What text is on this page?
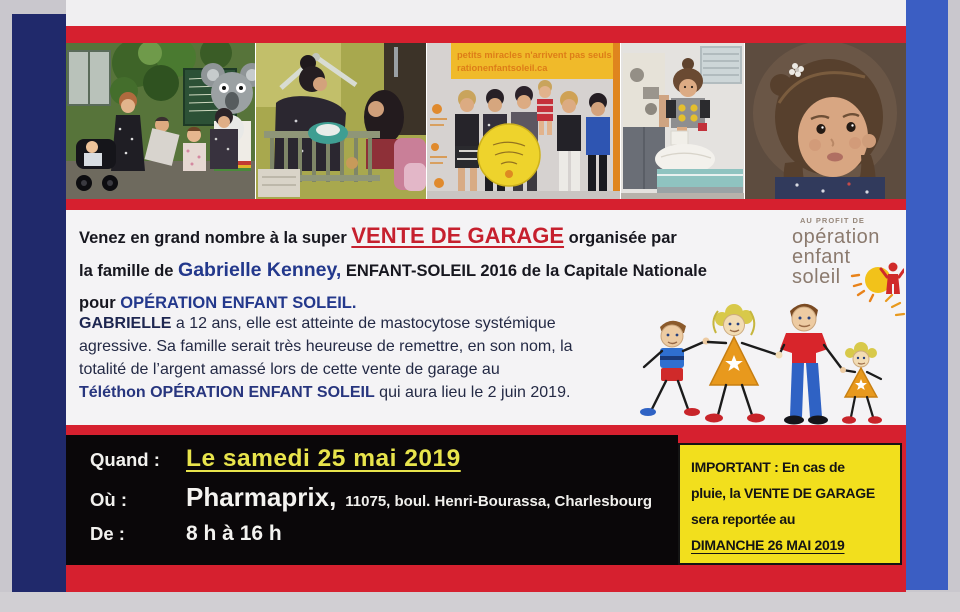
petits miracles n'arrivent pas seuls
rationenfantsoleil.ca
Venez en grand nombre à la super VENTE DE GARAGE organisée par
la famille de Gabrielle Kenney, ENFANT-SOLEIL 2016 de la Capitale Nationale
pour OPÉRATION ENFANT SOLEIL.
AU PROFIT DE
opération
enfant
soleil
GABRIELLE a 12 ans, elle est atteinte de mastocytose systémique
agressive. Sa famille serait très heureuse de remettre, en son nom, la
totalité de l’argent amassé lors de cette vente de garage au
Téléthon OPÉRATION ENFANT SOLEIL qui aura lieu le 2 juin 2019.
Quand :	Le samedi 25 mai 2019
Où :	Pharmaprix, 11075, boul. Henri-Bourassa, Charlesbourg
De :	8 h à 16 h
IMPORTANT : En cas de
pluie, la VENTE DE GARAGE
sera reportée au
DIMANCHE 26 MAI 2019
